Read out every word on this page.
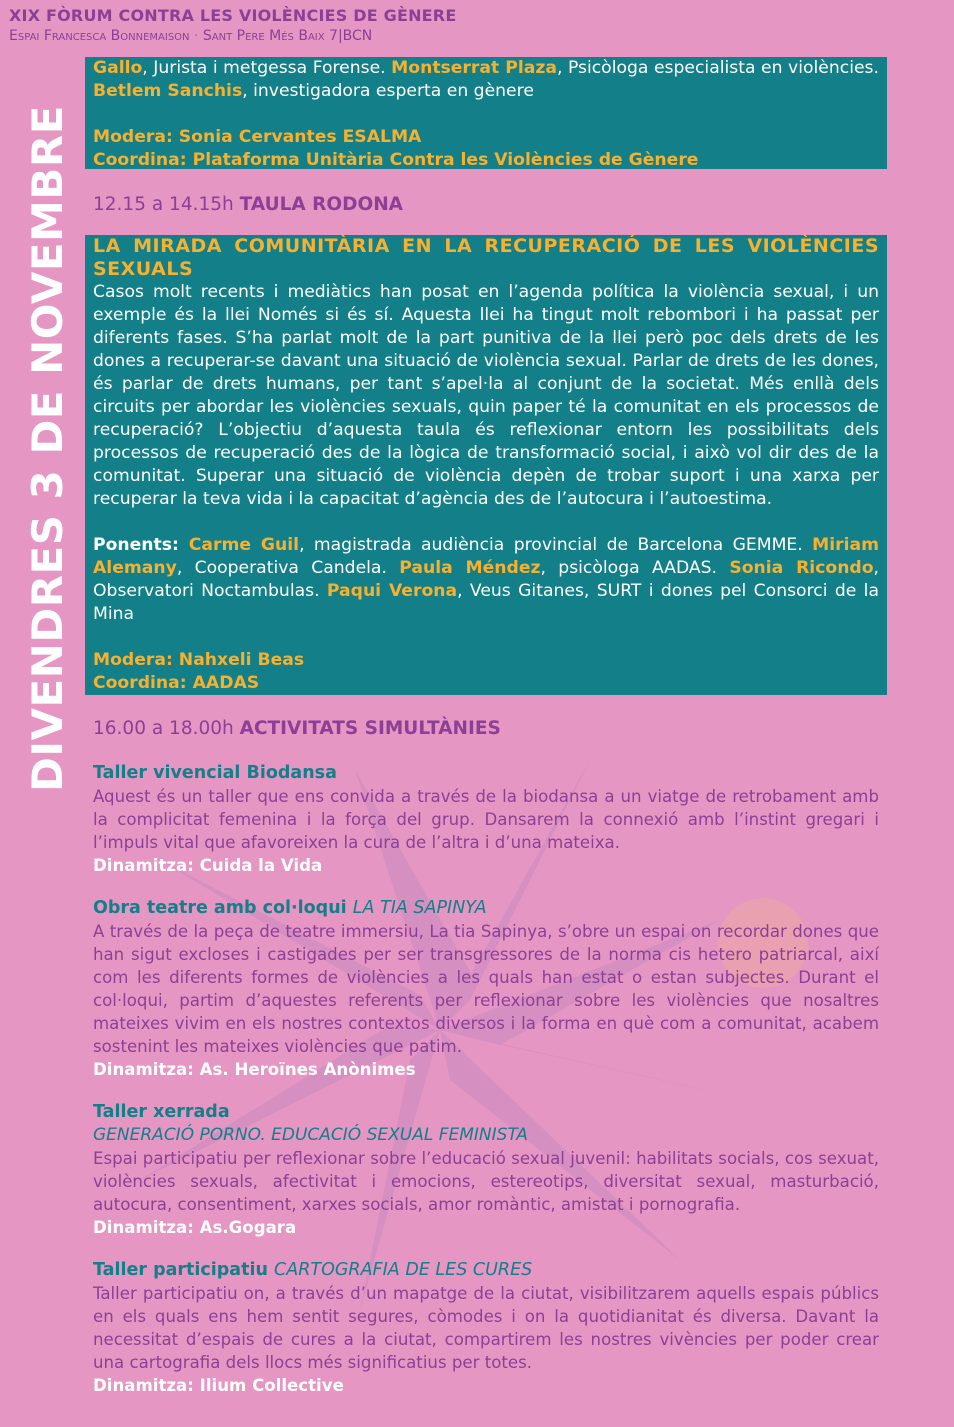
XIX FÒRUM CONTRA LES VIOLÈNCIES DE GÈNERE
Espai Francesca Bonnemaison · Sant Pere Més Baix 7|BCN
DIVENDRES 3 DE NOVEMBRE
Gallo, Jurista i metgessa Forense. Montserrat Plaza, Psicòloga especialista en violències. Betlem Sanchis, investigadora esperta en gènere
Modera: Sonia Cervantes ESALMA
Coordina: Plataforma Unitària Contra les Violències de Gènere
12.15 a 14.15h TAULA RODONA
LA MIRADA COMUNITÀRIA EN LA RECUPERACIÓ DE LES VIOLÈNCIES SEXUALS
Casos molt recents i mediàtics han posat en l’agenda política la violència sexual, i un exemple és la llei Només si és sí. Aquesta llei ha tingut molt rebombori i ha passat per diferents fases. S’ha parlat molt de la part punitiva de la llei però poc dels drets de les dones a recuperar-se davant una situació de violència sexual. Parlar de drets de les dones, és parlar de drets humans, per tant s’apel·la al conjunt de la societat. Més enllà dels circuits per abordar les violències sexuals, quin paper té la comunitat en els processos de recuperació? L’objectiu d’aquesta taula és reflexionar entorn les possibilitats dels processos de recuperació des de la lògica de transformació social, i això vol dir des de la comunitat. Superar una situació de violència depèn de trobar suport i una xarxa per recuperar la teva vida i la capacitat d’agència des de l’autocura i l’autoestima.
Ponents: Carme Guil, magistrada audiència provincial de Barcelona GEMME. Miriam Alemany, Cooperativa Candela. Paula Méndez, psicòloga AADAS. Sonia Ricondo, Observatori Noctambulas. Paqui Verona, Veus Gitanes, SURT i dones pel Consorci de la Mina
Modera: Nahxeli Beas
Coordina: AADAS
16.00 a 18.00h ACTIVITATS SIMULTÀNIES
Taller vivencial Biodansa
Aquest és un taller que ens convida a través de la biodansa a un viatge de retrobament amb la complicitat femenina i la força del grup. Dansarem la connexió amb l’instint gregari i l’impuls vital que afavoreixen la cura de l’altra i d’una mateixa.
Dinamitza: Cuida la Vida
Obra teatre amb col·loqui LA TIA SAPINYA
A través de la peça de teatre immersiu, La tia Sapinya, s’obre un espai on recordar dones que han sigut excloses i castigades per ser transgressores de la norma cis hetero patriarcal, així com les diferents formes de violències a les quals han estat o estan subjectes. Durant el col·loqui, partim d’aquestes referents per reflexionar sobre les violències que nosaltres mateixes vivim en els nostres contextos diversos i la forma en què com a comunitat, acabem sostenint les mateixes violències que patim.
Dinamitza: As. Heroïnes Anònimes
Taller xerrada
GENERACIÓ PORNO. EDUCACIÓ SEXUAL FEMINISTA
Espai participatiu per reflexionar sobre l’educació sexual juvenil: habilitats socials, cos sexuat, violències sexuals, afectivitat i emocions, estereotips, diversitat sexual, masturbació, autocura, consentiment, xarxes socials, amor romàntic, amistat i pornografia.
Dinamitza: As.Gogara
Taller participatiu CARTOGRAFIA DE LES CURES
Taller participatiu on, a través d’un mapatge de la ciutat, visibilitzarem aquells espais públics en els quals ens hem sentit segures, còmodes i on la quotidianitat és diversa. Davant la necessitat d’espais de cures a la ciutat, compartirem les nostres vivències per poder crear una cartografia dels llocs més significatius per totes.
Dinamitza: Ilium Collective
